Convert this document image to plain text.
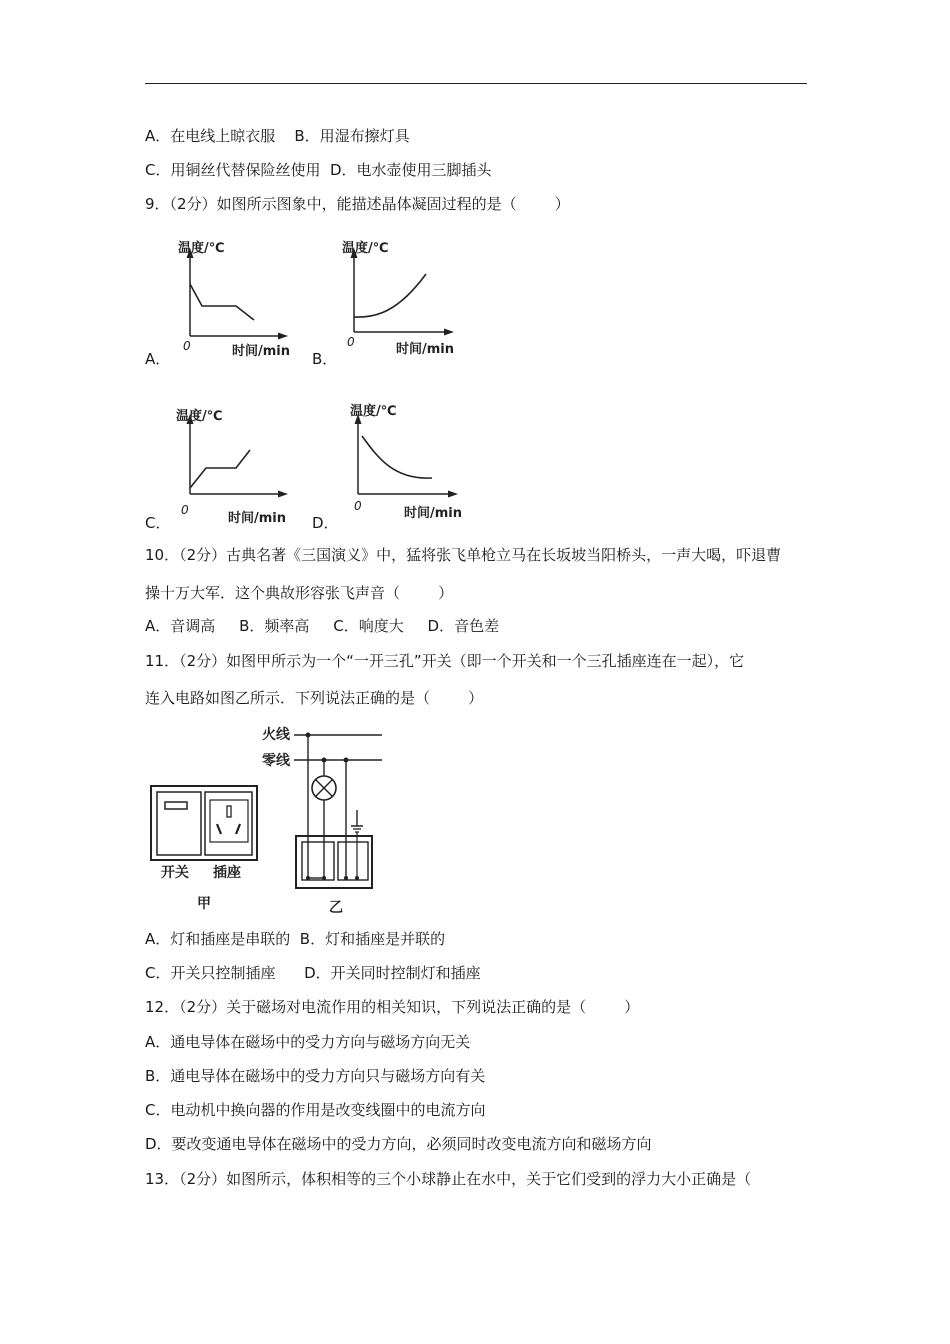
A．在电线上晾衣服    B．用湿布擦灯具
C．用铜丝代替保险丝使用  D．电水壶使用三脚插头
9．（2分）如图所示图象中，能描述晶体凝固过程的是（        ）
A．	B．
C．	D．
温度/℃
时间/min
0
温度/℃
时间/min
0
温度/℃
时间/min
0
温度/℃
时间/min
0
10．（2分）古典名著《三国演义》中，猛将张飞单枪立马在长坂坡当阳桥头，一声大喝，吓退曹
操十万大军．这个典故形容张飞声音（        ）
A．音调高     B．频率高     C．响度大     D．音色差
11．（2分）如图甲所示为一个“一开三孔”开关（即一个开关和一个三孔插座连在一起），它
连入电路如图乙所示．下列说法正确的是（        ）
开关 插座
甲
火线
零线
乙
A．灯和插座是串联的  B．灯和插座是并联的
C．开关只控制插座      D．开关同时控制灯和插座
12．（2分）关于磁场对电流作用的相关知识，下列说法正确的是（        ）
A．通电导体在磁场中的受力方向与磁场方向无关
B．通电导体在磁场中的受力方向只与磁场方向有关
C．电动机中换向器的作用是改变线圈中的电流方向
D．要改变通电导体在磁场中的受力方向，必须同时改变电流方向和磁场方向
13．（2分）如图所示，体积相等的三个小球静止在水中，关于它们受到的浮力大小正确是（
